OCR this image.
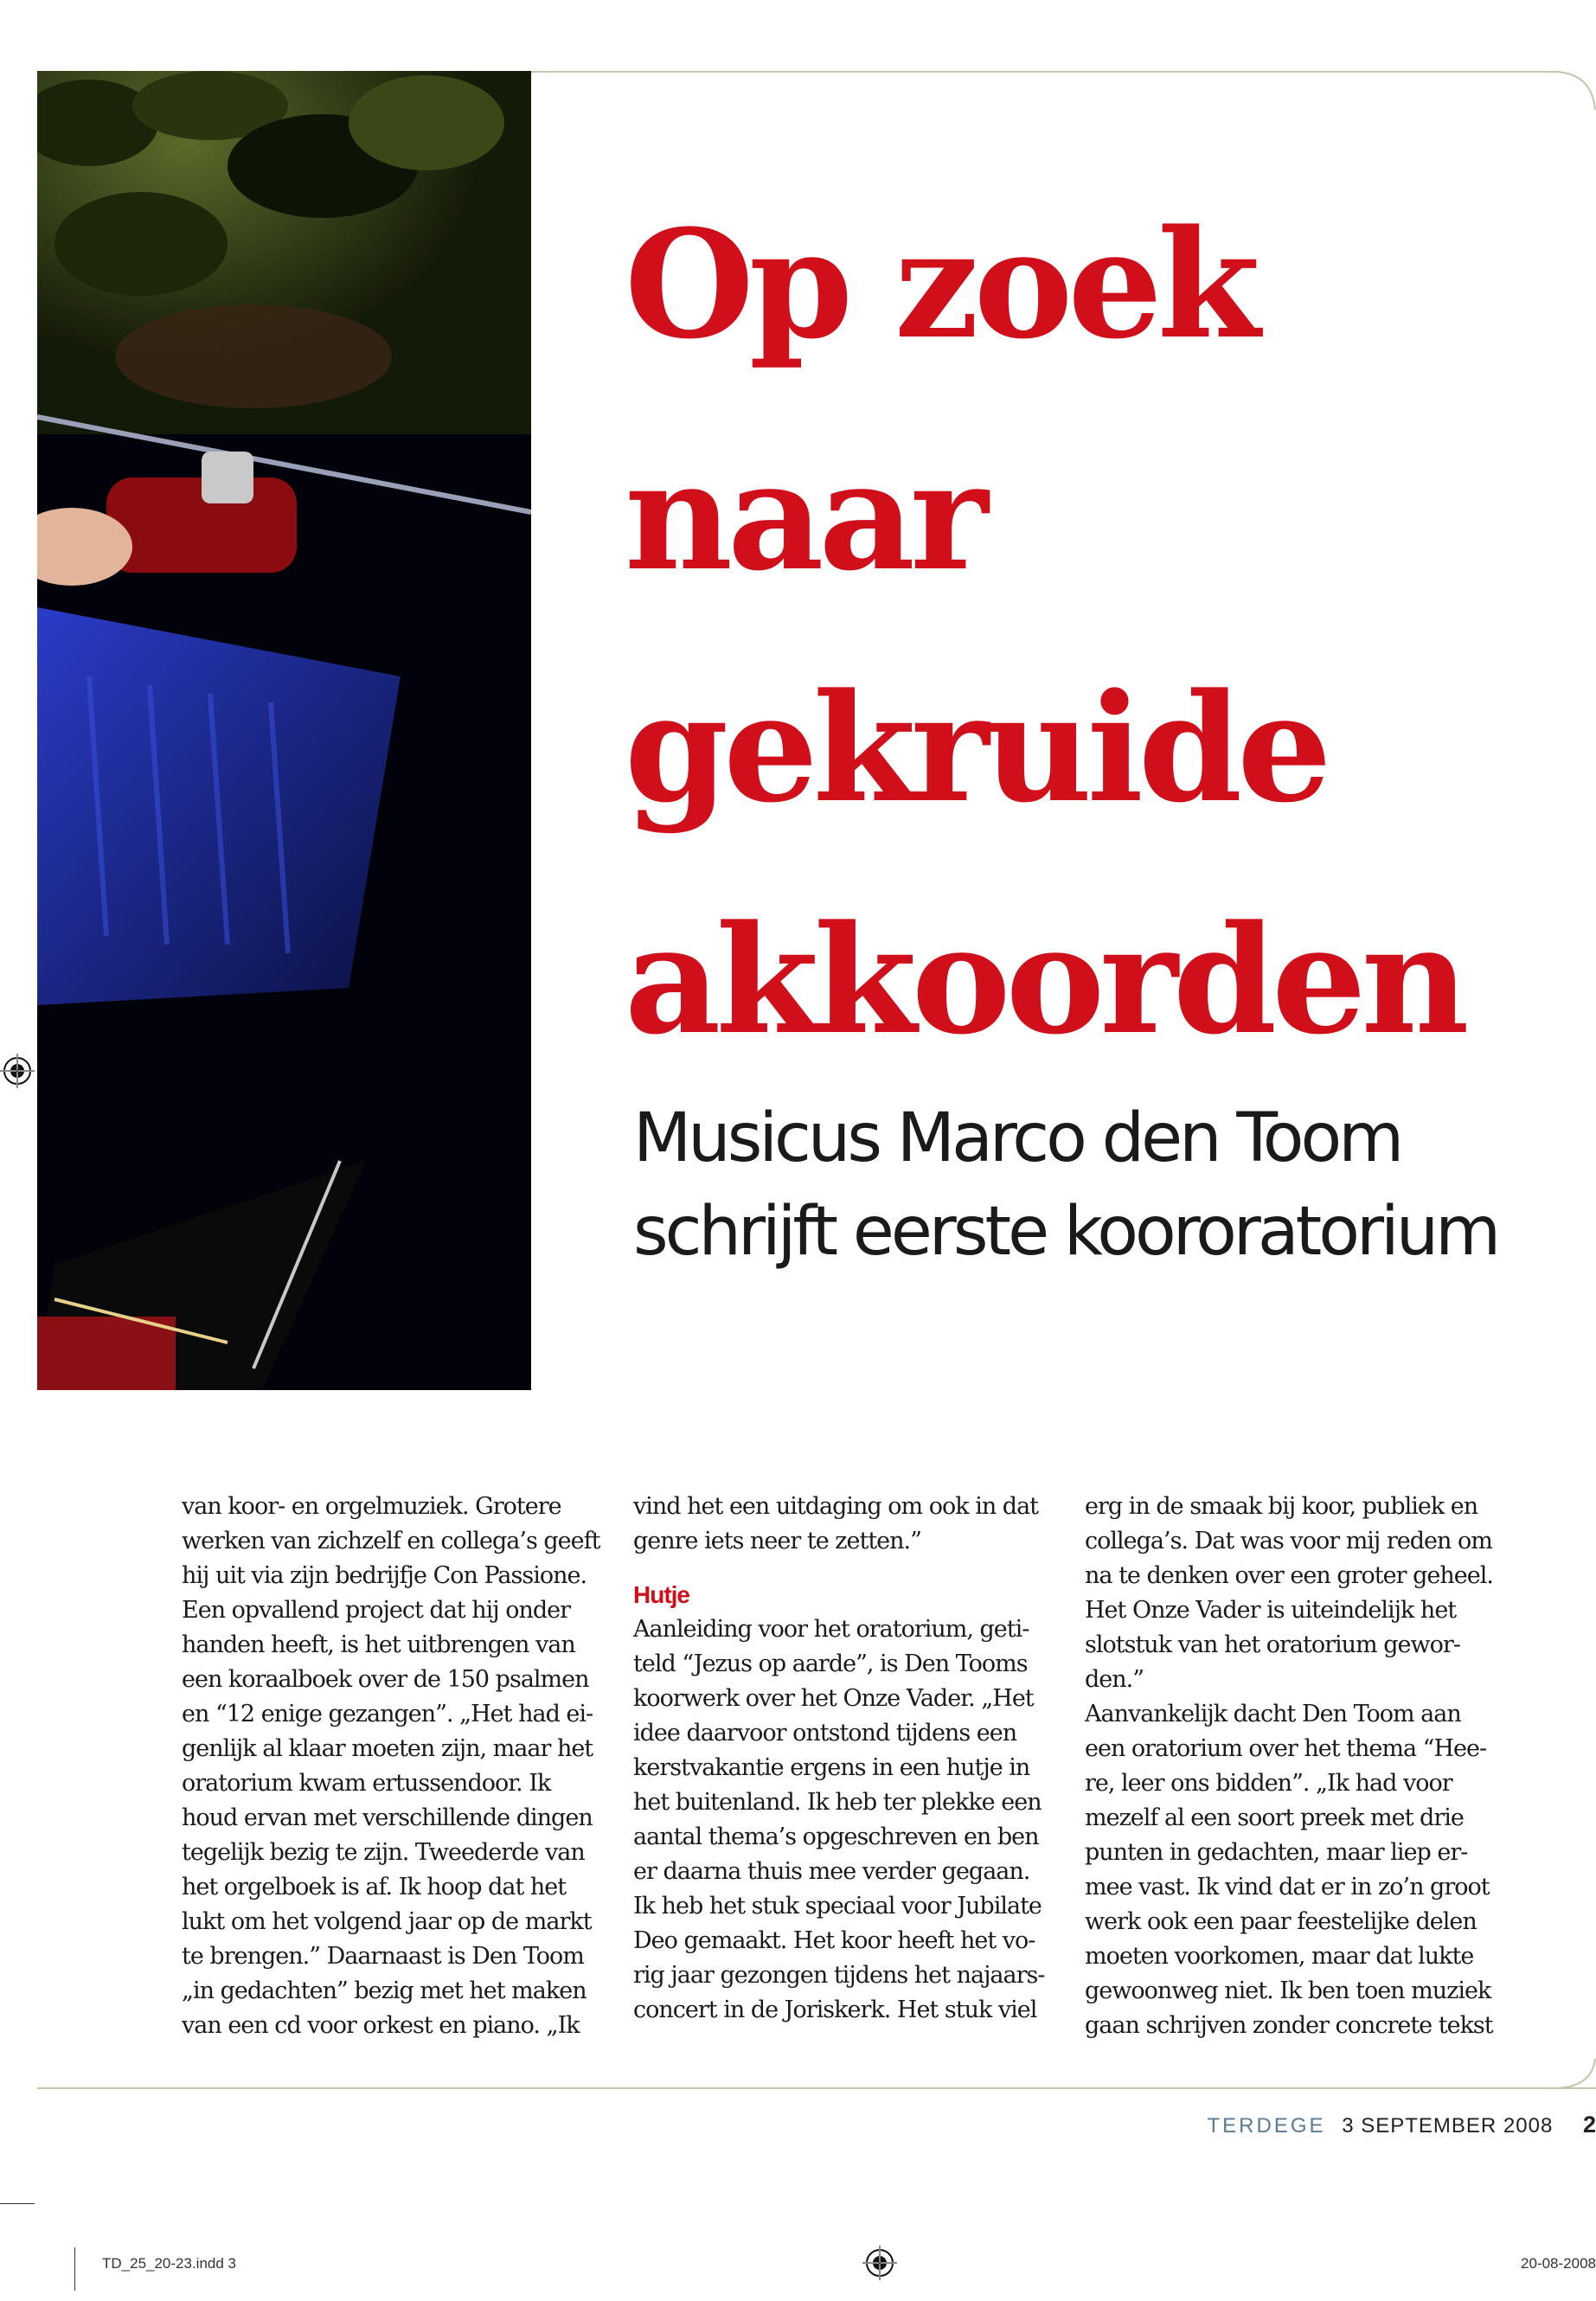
Op zoek
naar
gekruide
akkoorden
Musicus Marco den Toom
schrijft eerste koororatorium

van koor- en orgelmuziek. Grotere
werken van zichzelf en collega’s geeft
hij uit via zijn bedrijfje Con Passione.
Een opvallend project dat hij onder
handen heeft, is het uitbrengen van
een koraalboek over de 150 psalmen
en “12 enige gezangen”. „Het had ei-
genlijk al klaar moeten zijn, maar het
oratorium kwam ertussendoor. Ik
houd ervan met verschillende dingen
tegelijk bezig te zijn. Tweederde van
het orgelboek is af. Ik hoop dat het
lukt om het volgend jaar op de markt
te brengen.” Daarnaast is Den Toom
„in gedachten” bezig met het maken
van een cd voor orkest en piano. „Ik

vind het een uitdaging om ook in dat
genre iets neer te zetten.”

Hutje

Aanleiding voor het oratorium, geti-
teld “Jezus op aarde”, is Den Tooms
koorwerk over het Onze Vader. „Het
idee daarvoor ontstond tijdens een
kerstvakantie ergens in een hutje in
het buitenland. Ik heb ter plekke een
aantal thema’s opgeschreven en ben
er daarna thuis mee verder gegaan.
Ik heb het stuk speciaal voor Jubilate
Deo gemaakt. Het koor heeft het vo-
rig jaar gezongen tijdens het najaars-
concert in de Joriskerk. Het stuk viel

erg in de smaak bij koor, publiek en
collega’s. Dat was voor mij reden om
na te denken over een groter geheel.
Het Onze Vader is uiteindelijk het
slotstuk van het oratorium gewor-
den.”

Aanvankelijk dacht Den Toom aan
een oratorium over het thema “Hee-
re, leer ons bidden”. „Ik had voor
mezelf al een soort preek met drie
punten in gedachten, maar liep er-
mee vast. Ik vind dat er in zo’n groot
werk ook een paar feestelijke delen
moeten voorkomen, maar dat lukte
gewoonweg niet. Ik ben toen muziek
gaan schrijven zonder concrete tekst

TERDEGE 3 SEPTEMBER 2008 2
TD_25_20-23.indd 3	20-08-2008
